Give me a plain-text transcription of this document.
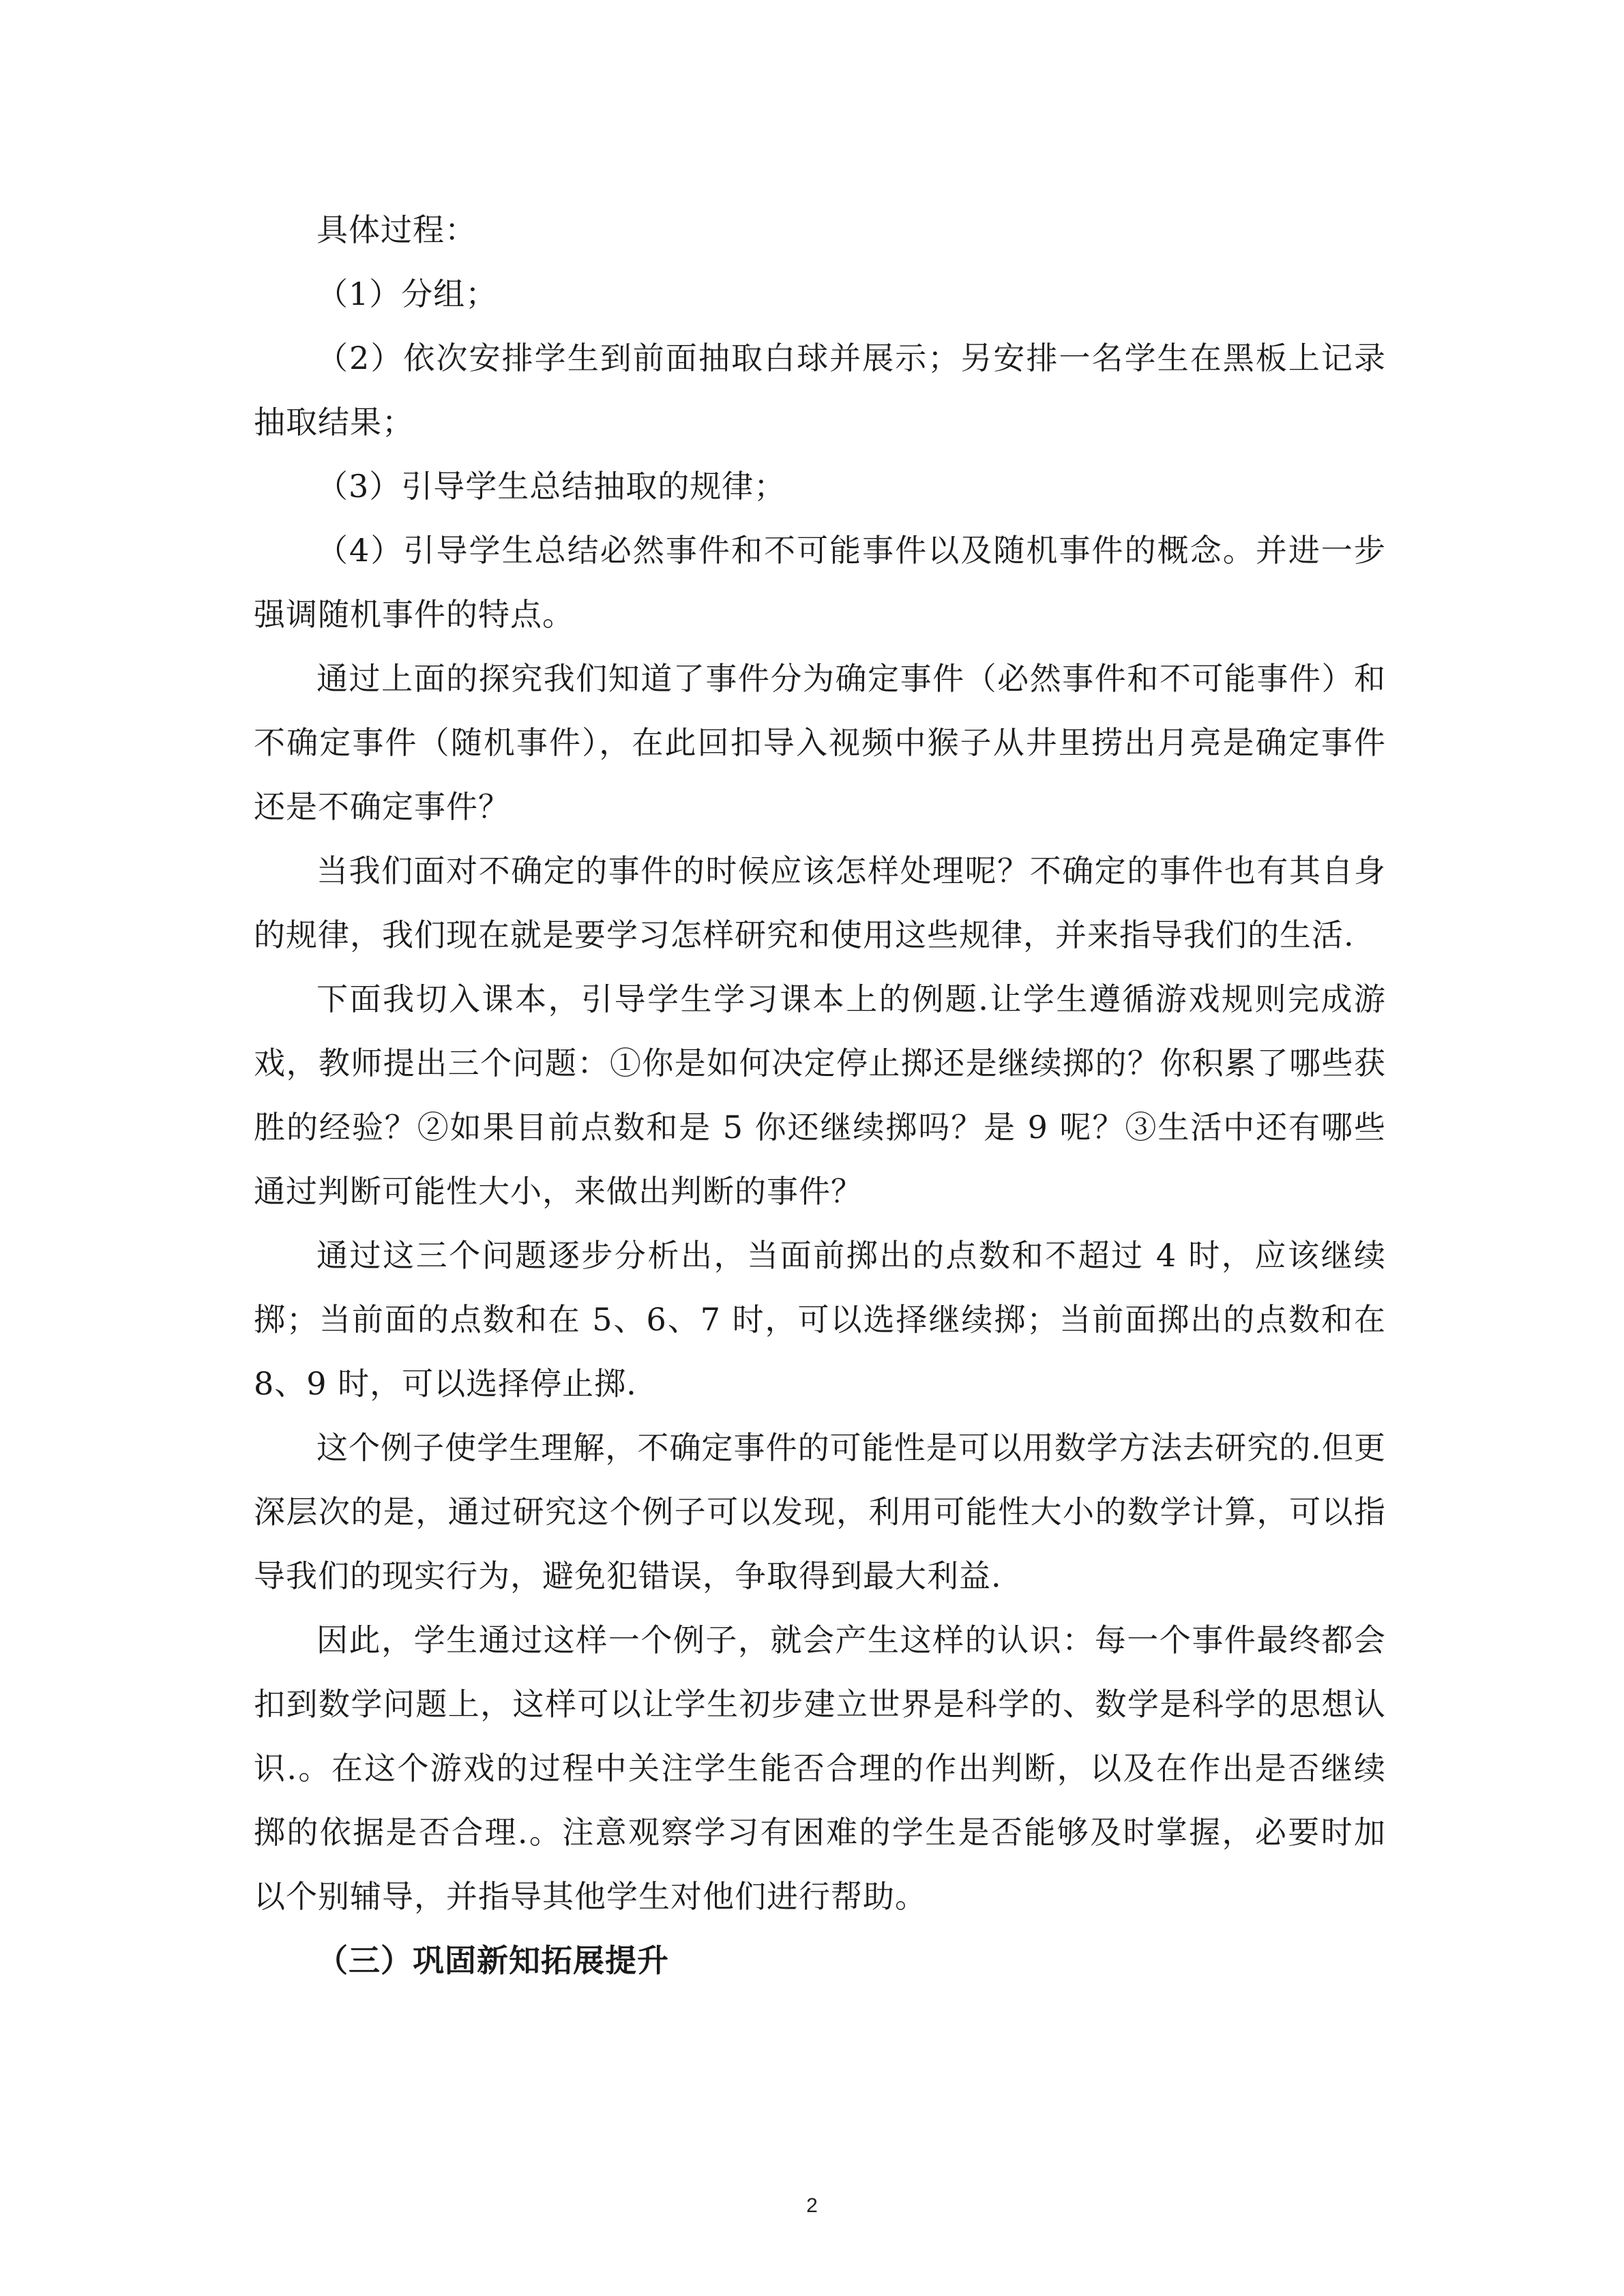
具体过程：

（1）分组；

（2）依次安排学生到前面抽取白球并展示；另安排一名学生在黑板上记录抽取结果；

（3）引导学生总结抽取的规律；

（4）引导学生总结必然事件和不可能事件以及随机事件的概念。并进一步强调随机事件的特点。

通过上面的探究我们知道了事件分为确定事件（必然事件和不可能事件）和不确定事件（随机事件），在此回扣导入视频中猴子从井里捞出月亮是确定事件还是不确定事件？

当我们面对不确定的事件的时候应该怎样处理呢？不确定的事件也有其自身的规律，我们现在就是要学习怎样研究和使用这些规律，并来指导我们的生活.

下面我切入课本，引导学生学习课本上的例题.让学生遵循游戏规则完成游戏，教师提出三个问题：①你是如何决定停止掷还是继续掷的？你积累了哪些获胜的经验？②如果目前点数和是 5 你还继续掷吗？是 9 呢？③生活中还有哪些通过判断可能性大小，来做出判断的事件？

通过这三个问题逐步分析出，当面前掷出的点数和不超过 4 时，应该继续掷；当前面的点数和在 5、6、7 时，可以选择继续掷；当前面掷出的点数和在 8、9 时，可以选择停止掷.

这个例子使学生理解，不确定事件的可能性是可以用数学方法去研究的.但更深层次的是，通过研究这个例子可以发现，利用可能性大小的数学计算，可以指导我们的现实行为，避免犯错误，争取得到最大利益.

因此，学生通过这样一个例子，就会产生这样的认识：每一个事件最终都会扣到数学问题上，这样可以让学生初步建立世界是科学的、数学是科学的思想认识.。在这个游戏的过程中关注学生能否合理的作出判断，以及在作出是否继续掷的依据是否合理.。注意观察学习有困难的学生是否能够及时掌握，必要时加以个别辅导，并指导其他学生对他们进行帮助。

（三）巩固新知拓展提升

2
